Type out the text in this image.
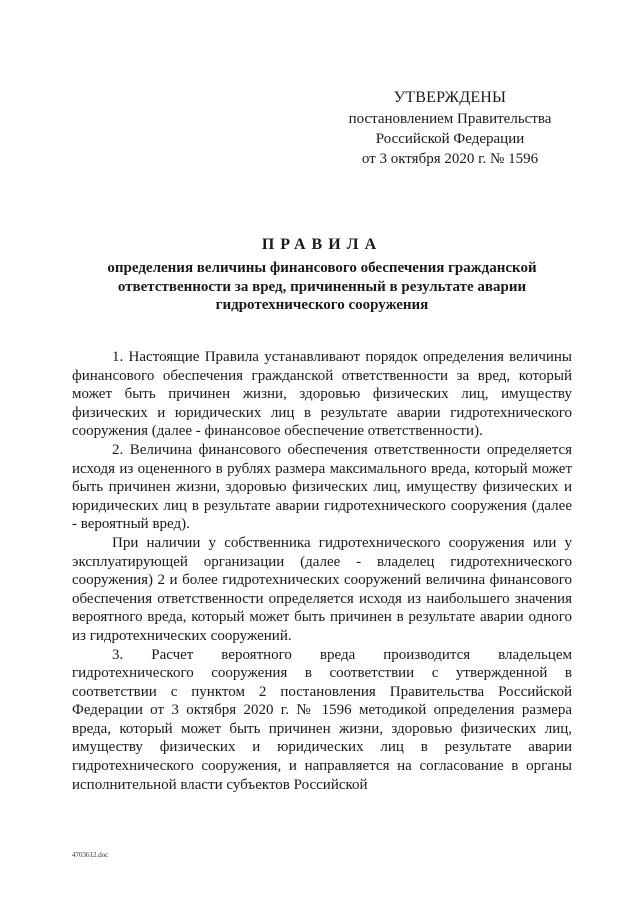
УТВЕРЖДЕНЫ
постановлением Правительства
Российской Федерации
от 3 октября 2020 г. № 1596
ПРАВИЛА
определения величины финансового обеспечения гражданской
ответственности за вред, причиненный в результате аварии
гидротехнического сооружения

1. Настоящие Правила устанавливают порядок определения величины финансового обеспечения гражданской ответственности за вред, который может быть причинен жизни, здоровью физических лиц, имуществу физических и юридических лиц в результате аварии гидротехнического сооружения (далее - финансовое обеспечение ответственности).

2. Величина финансового обеспечения ответственности определяется исходя из оцененного в рублях размера максимального вреда, который может быть причинен жизни, здоровью физических лиц, имуществу физических и юридических лиц в результате аварии гидротехнического сооружения (далее - вероятный вред).

При наличии у собственника гидротехнического сооружения или у эксплуатирующей организации (далее - владелец гидротехнического сооружения) 2 и более гидротехнических сооружений величина финансового обеспечения ответственности определяется исходя из наибольшего значения вероятного вреда, который может быть причинен в результате аварии одного из гидротехнических сооружений.

3. Расчет вероятного вреда производится владельцем гидротехнического сооружения в соответствии с утвержденной в соответствии с пунктом 2 постановления Правительства Российской Федерации от 3 октября 2020 г. № 1596 методикой определения размера вреда, который может быть причинен жизни, здоровью физических лиц, имуществу физических и юридических лиц в результате аварии гидротехнического сооружения, и направляется на согласование в органы исполнительной власти субъектов Российской

4703612.doc
